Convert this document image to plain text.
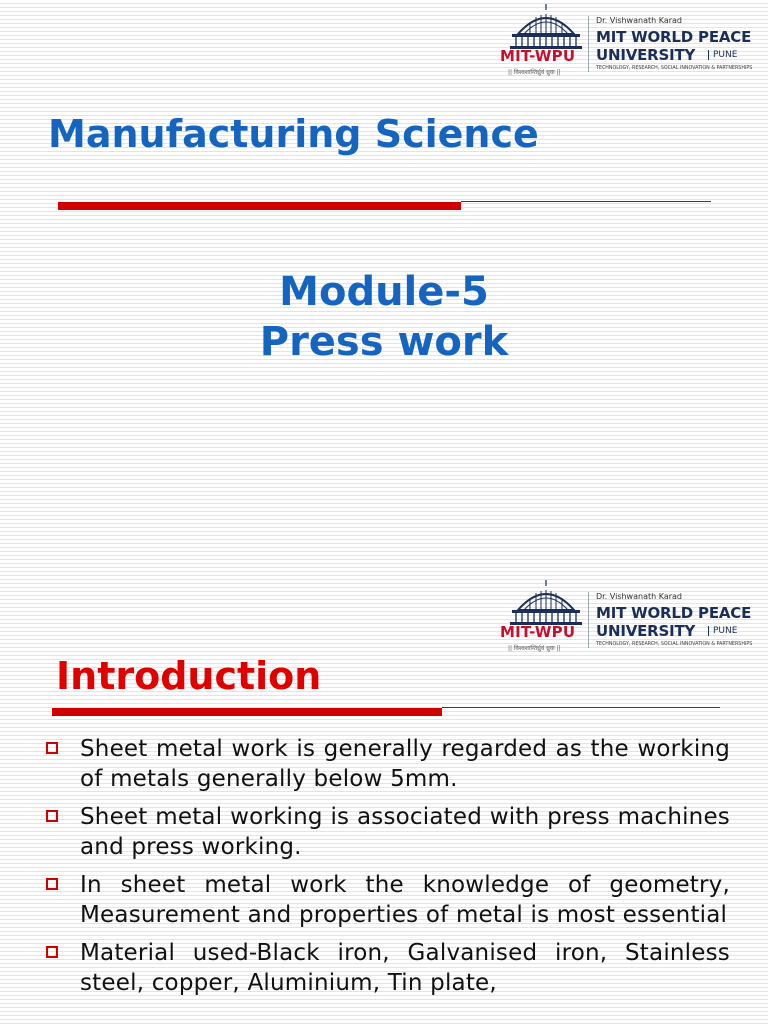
MIT-WPU
|| विश्वशान्तिर्ध्रुवं ध्रुवा ||
Dr. Vishwanath Karad
MIT WORLD PEACE
UNIVERSITY	PUNE
TECHNOLOGY, RESEARCH, SOCIAL INNOVATION & PARTNERSHIPS
Manufacturing Science
Module-5
Press work
MIT-WPU
|| विश्वशान्तिर्ध्रुवं ध्रुवा ||
Dr. Vishwanath Karad
MIT WORLD PEACE
UNIVERSITY	PUNE
TECHNOLOGY, RESEARCH, SOCIAL INNOVATION & PARTNERSHIPS
Introduction
Sheet metal work is generally regarded as the working of metals generally below 5mm.
Sheet metal working is associated with press machines and press working.
In sheet metal work the knowledge of geometry, Measurement and properties of metal is most essential
Material used-Black iron, Galvanised iron, Stainless steel, copper, Aluminium, Tin plate,
